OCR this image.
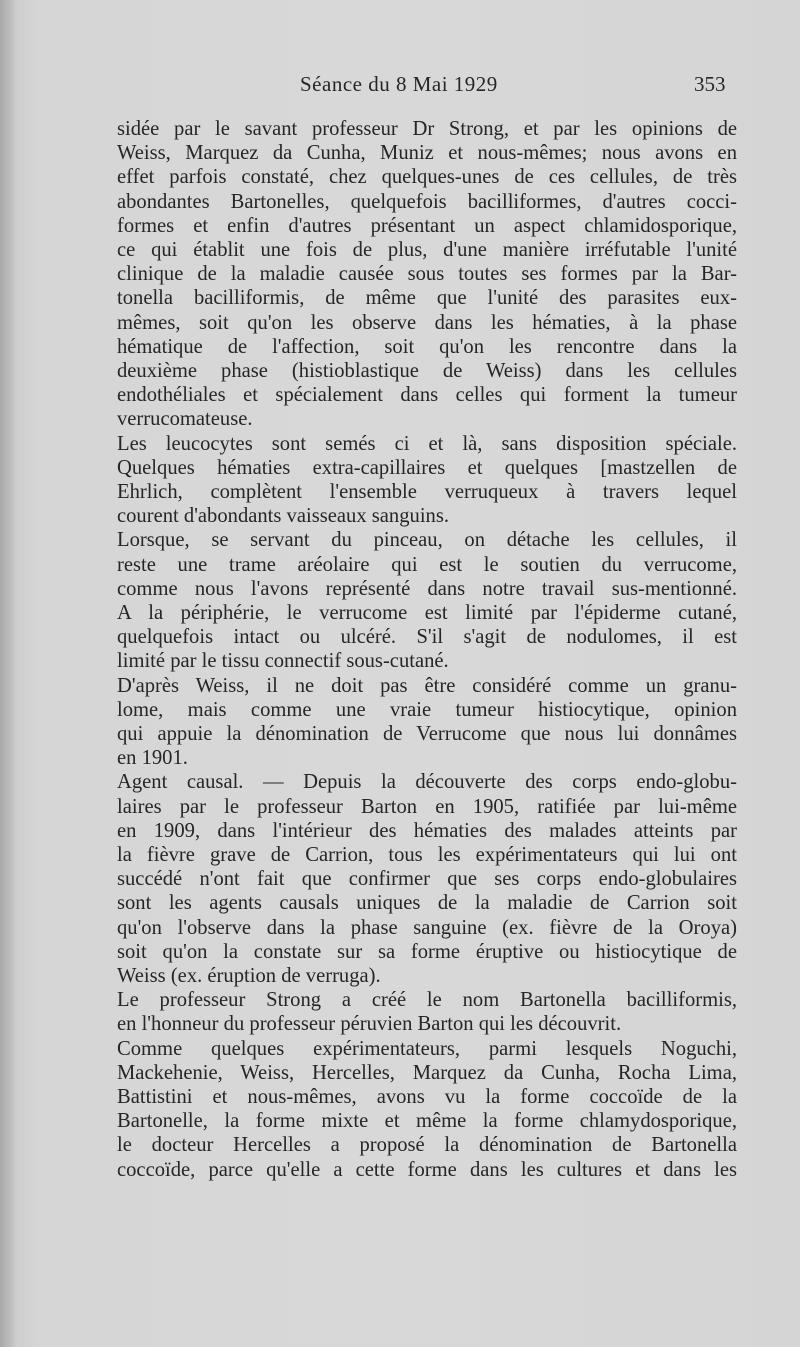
Séance du 8 Mai 1929	353
sidée par le savant professeur Dr Strong, et par les opinions de
Weiss, Marquez da Cunha, Muniz et nous-mêmes; nous avons en
effet parfois constaté, chez quelques-unes de ces cellules, de très
abondantes Bartonelles, quelquefois bacilliformes, d'autres cocci-
formes et enfin d'autres présentant un aspect chlamidosporique,
ce qui établit une fois de plus, d'une manière irréfutable l'unité
clinique de la maladie causée sous toutes ses formes par la Bar-
tonella bacilliformis, de même que l'unité des parasites eux-
mêmes, soit qu'on les observe dans les hématies, à la phase
hématique de l'affection, soit qu'on les rencontre dans la
deuxième phase (histioblastique de Weiss) dans les cellules
endothéliales et spécialement dans celles qui forment la tumeur
verrucomateuse.
Les leucocytes sont semés ci et là, sans disposition spéciale.
Quelques hématies extra-capillaires et quelques [mastzellen de
Ehrlich, complètent l'ensemble verruqueux à travers lequel
courent d'abondants vaisseaux sanguins.
Lorsque, se servant du pinceau, on détache les cellules, il
reste une trame aréolaire qui est le soutien du verrucome,
comme nous l'avons représenté dans notre travail sus-mentionné.
A la périphérie, le verrucome est limité par l'épiderme cutané,
quelquefois intact ou ulcéré. S'il s'agit de nodulomes, il est
limité par le tissu connectif sous-cutané.
D'après Weiss, il ne doit pas être considéré comme un granu-
lome, mais comme une vraie tumeur histiocytique, opinion
qui appuie la dénomination de Verrucome que nous lui donnâmes
en 1901.
Agent causal. — Depuis la découverte des corps endo-globu-
laires par le professeur Barton en 1905, ratifiée par lui-même
en 1909, dans l'intérieur des hématies des malades atteints par
la fièvre grave de Carrion, tous les expérimentateurs qui lui ont
succédé n'ont fait que confirmer que ses corps endo-globulaires
sont les agents causals uniques de la maladie de Carrion soit
qu'on l'observe dans la phase sanguine (ex. fièvre de la Oroya)
soit qu'on la constate sur sa forme éruptive ou histiocytique de
Weiss (ex. éruption de verruga).
Le professeur Strong a créé le nom Bartonella bacilliformis,
en l'honneur du professeur péruvien Barton qui les découvrit.
Comme quelques expérimentateurs, parmi lesquels Noguchi,
Mackehenie, Weiss, Hercelles, Marquez da Cunha, Rocha Lima,
Battistini et nous-mêmes, avons vu la forme coccoïde de la
Bartonelle, la forme mixte et même la forme chlamydosporique,
le docteur Hercelles a proposé la dénomination de Bartonella
coccoïde, parce qu'elle a cette forme dans les cultures et dans les
